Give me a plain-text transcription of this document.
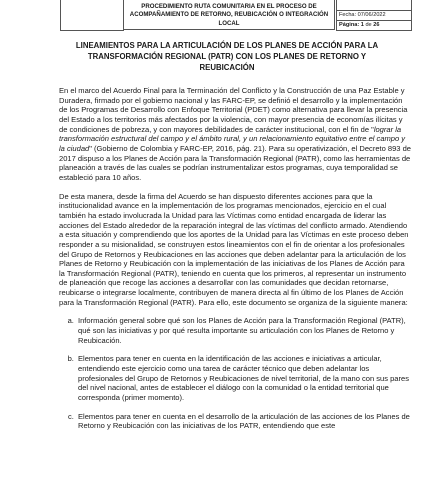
PROCEDIMIENTO RUTA COMUNITARIA EN EL PROCESO DE ACOMPAÑAMIENTO DE RETORNO, REUBICACIÓN O INTEGRACIÓN LOCAL
Fecha: 07/06/2022
Página: 1 de 26
LINEAMIENTOS PARA LA ARTICULACIÓN DE LOS PLANES DE ACCIÓN PARA LA TRANSFORMACIÓN REGIONAL (PATR) CON LOS PLANES DE RETORNO Y REUBICACIÓN

En el marco del Acuerdo Final para la Terminación del Conflicto y la Construcción de una Paz Estable y Duradera, firmado por el gobierno nacional y las FARC-EP, se definió el desarrollo y la implementación de los Programas de Desarrollo con Enfoque Territorial (PDET) como alternativa para llevar la presencia del Estado a los territorios más afectados por la violencia, con mayor presencia de economías ilícitas y de condiciones de pobreza, y con mayores debilidades de carácter institucional, con el fin de "lograr la transformación estructural del campo y el ámbito rural, y un relacionamiento equitativo entre el campo y la ciudad" (Gobierno de Colombia y FARC-EP, 2016, pág. 21). Para su operativización, el Decreto 893 de 2017 dispuso a los Planes de Acción para la Transformación Regional (PATR), como las herramientas de planeación a través de las cuales se podrían instrumentalizar estos programas, cuya temporalidad se estableció para 10 años.

De esta manera, desde la firma del Acuerdo se han dispuesto diferentes acciones para que la institucionalidad avance en la implementación de los programas mencionados, ejercicio en el cual también ha estado involucrada la Unidad para las Víctimas como entidad encargada de liderar las acciones del Estado alrededor de la reparación integral de las víctimas del conflicto armado. Atendiendo a esta situación y comprendiendo que los aportes de la Unidad para las Víctimas en este proceso deben responder a su misionalidad, se construyen estos lineamientos con el fin de orientar a los profesionales del Grupo de Retornos y Reubicaciones en las acciones que deben adelantar para la articulación de los Planes de Retorno y Reubicación con la implementación de las iniciativas de los Planes de Acción para la Transformación Regional (PATR), teniendo en cuenta que los primeros, al representar un instrumento de planeación que recoge las acciones a desarrollar con las comunidades que decidan retornarse, reubicarse o integrarse localmente, contribuyen de manera directa al fin último de los Planes de Acción para la Transformación Regional (PATR). Para ello, este documento se organiza de la siguiente manera:

a. Información general sobre qué son los Planes de Acción para la Transformación Regional (PATR), qué son las iniciativas y por qué resulta importante su articulación con los Planes de Retorno y Reubicación.
b. Elementos para tener en cuenta en la identificación de las acciones e iniciativas a articular, entendiendo este ejercicio como una tarea de carácter técnico que deben adelantar los profesionales del Grupo de Retornos y Reubicaciones de nivel territorial, de la mano con sus pares del nivel nacional, antes de establecer el diálogo con la comunidad o la entidad territorial que corresponda (primer momento).
c. Elementos para tener en cuenta en el desarrollo de la articulación de las acciones de los Planes de Retorno y Reubicación con las iniciativas de los PATR, entendiendo que este
